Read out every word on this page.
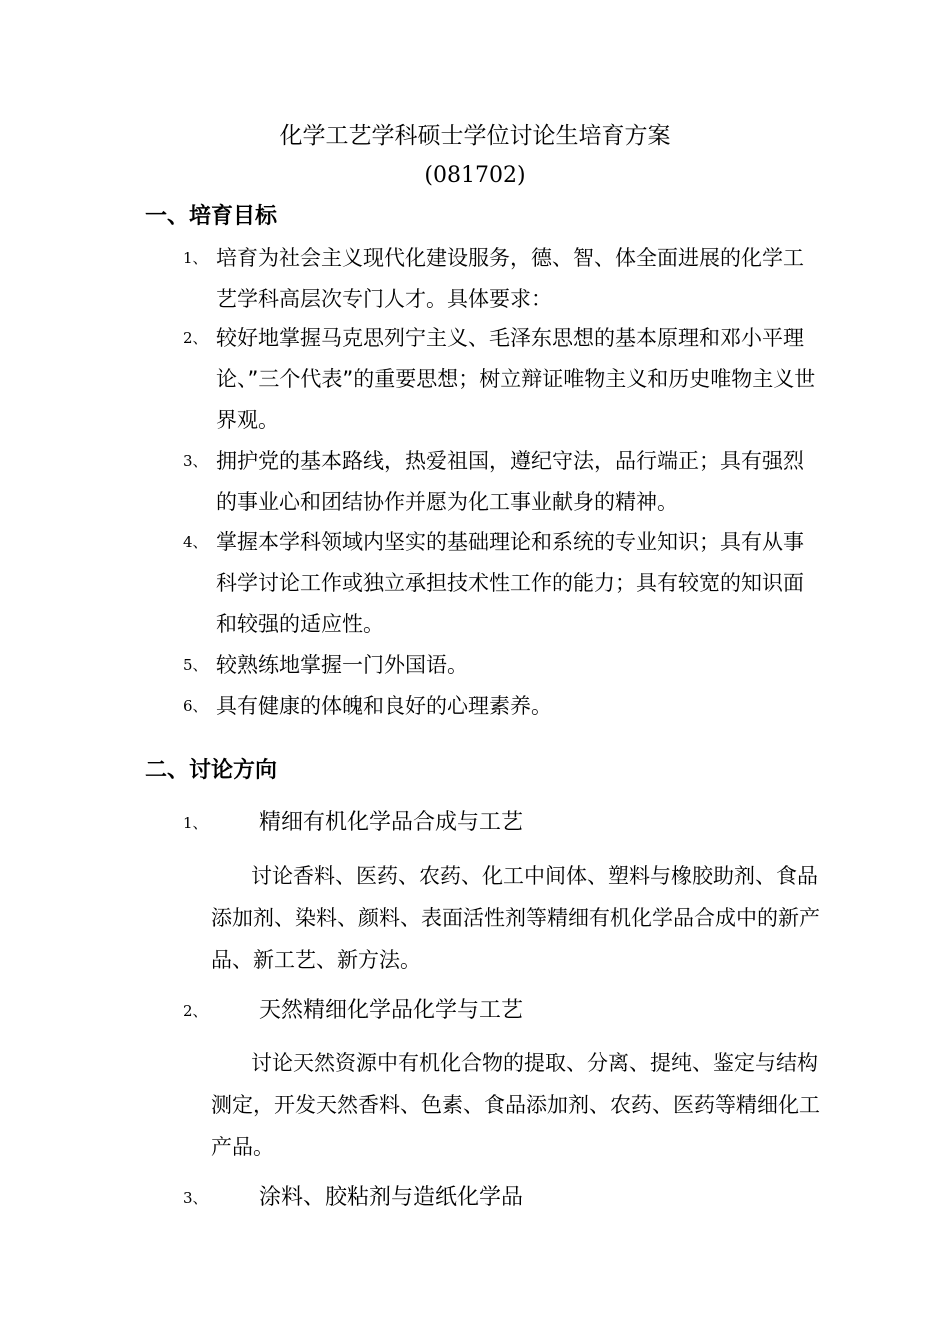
化学工艺学科硕士学位讨论生培育方案
(081702)
一、培育目标
1、 培育为社会主义现代化建设服务，德、智、体全面进展的化学工艺学科高层次专门人才。具体要求：
2、 较好地掌握马克思列宁主义、毛泽东思想的基本原理和邓小平理论、”三个代表”的重要思想；树立辩证唯物主义和历史唯物主义世界观。
3、 拥护党的基本路线，热爱祖国，遵纪守法，品行端正；具有强烈的事业心和团结协作并愿为化工事业献身的精神。
4、 掌握本学科领域内坚实的基础理论和系统的专业知识；具有从事科学讨论工作或独立承担技术性工作的能力；具有较宽的知识面和较强的适应性。
5、 较熟练地掌握一门外国语。
6、 具有健康的体魄和良好的心理素养。
二、讨论方向
1、 精细有机化学品合成与工艺
讨论香料、医药、农药、化工中间体、塑料与橡胶助剂、食品添加剂、染料、颜料、表面活性剂等精细有机化学品合成中的新产品、新工艺、新方法。
2、 天然精细化学品化学与工艺
讨论天然资源中有机化合物的提取、分离、提纯、鉴定与结构测定，开发天然香料、色素、食品添加剂、农药、医药等精细化工产品。
3、 涂料、胶粘剂与造纸化学品
